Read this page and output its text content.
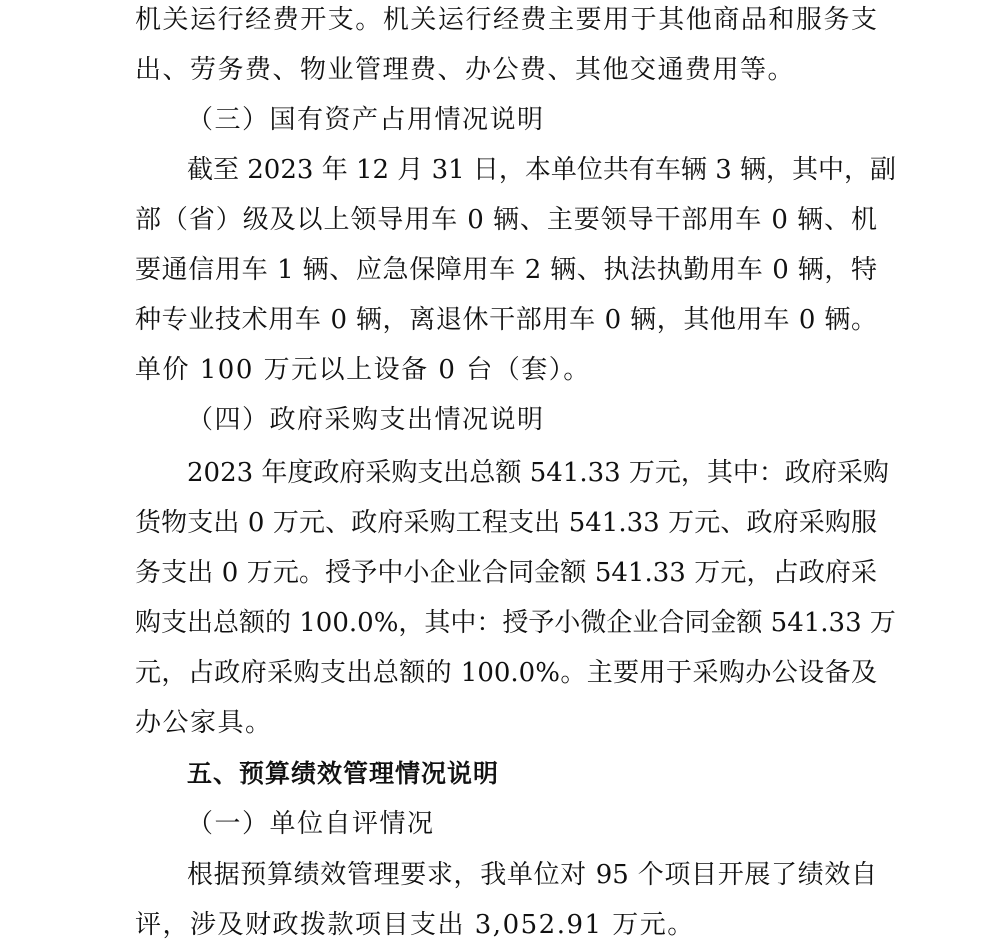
机关运行经费开支。机关运行经费主要用于其他商品和服务支
出、劳务费、物业管理费、办公费、其他交通费用等。
（三）国有资产占用情况说明
截至 2023 年 12 月 31 日，本单位共有车辆 3 辆，其中，副
部（省）级及以上领导用车 0 辆、主要领导干部用车 0 辆、机
要通信用车 1 辆、应急保障用车 2 辆、执法执勤用车 0 辆，特
种专业技术用车 0 辆，离退休干部用车 0 辆，其他用车 0 辆。
单价 100 万元以上设备 0 台（套）。
（四）政府采购支出情况说明
2023 年度政府采购支出总额 541.33 万元，其中：政府采购
货物支出 0 万元、政府采购工程支出 541.33 万元、政府采购服
务支出 0 万元。授予中小企业合同金额 541.33 万元，占政府采
购支出总额的 100.0%，其中：授予小微企业合同金额 541.33 万
元，占政府采购支出总额的 100.0%。主要用于采购办公设备及
办公家具。
五、预算绩效管理情况说明
（一）单位自评情况
根据预算绩效管理要求，我单位对 95 个项目开展了绩效自
评，涉及财政拨款项目支出 3,052.91 万元。
